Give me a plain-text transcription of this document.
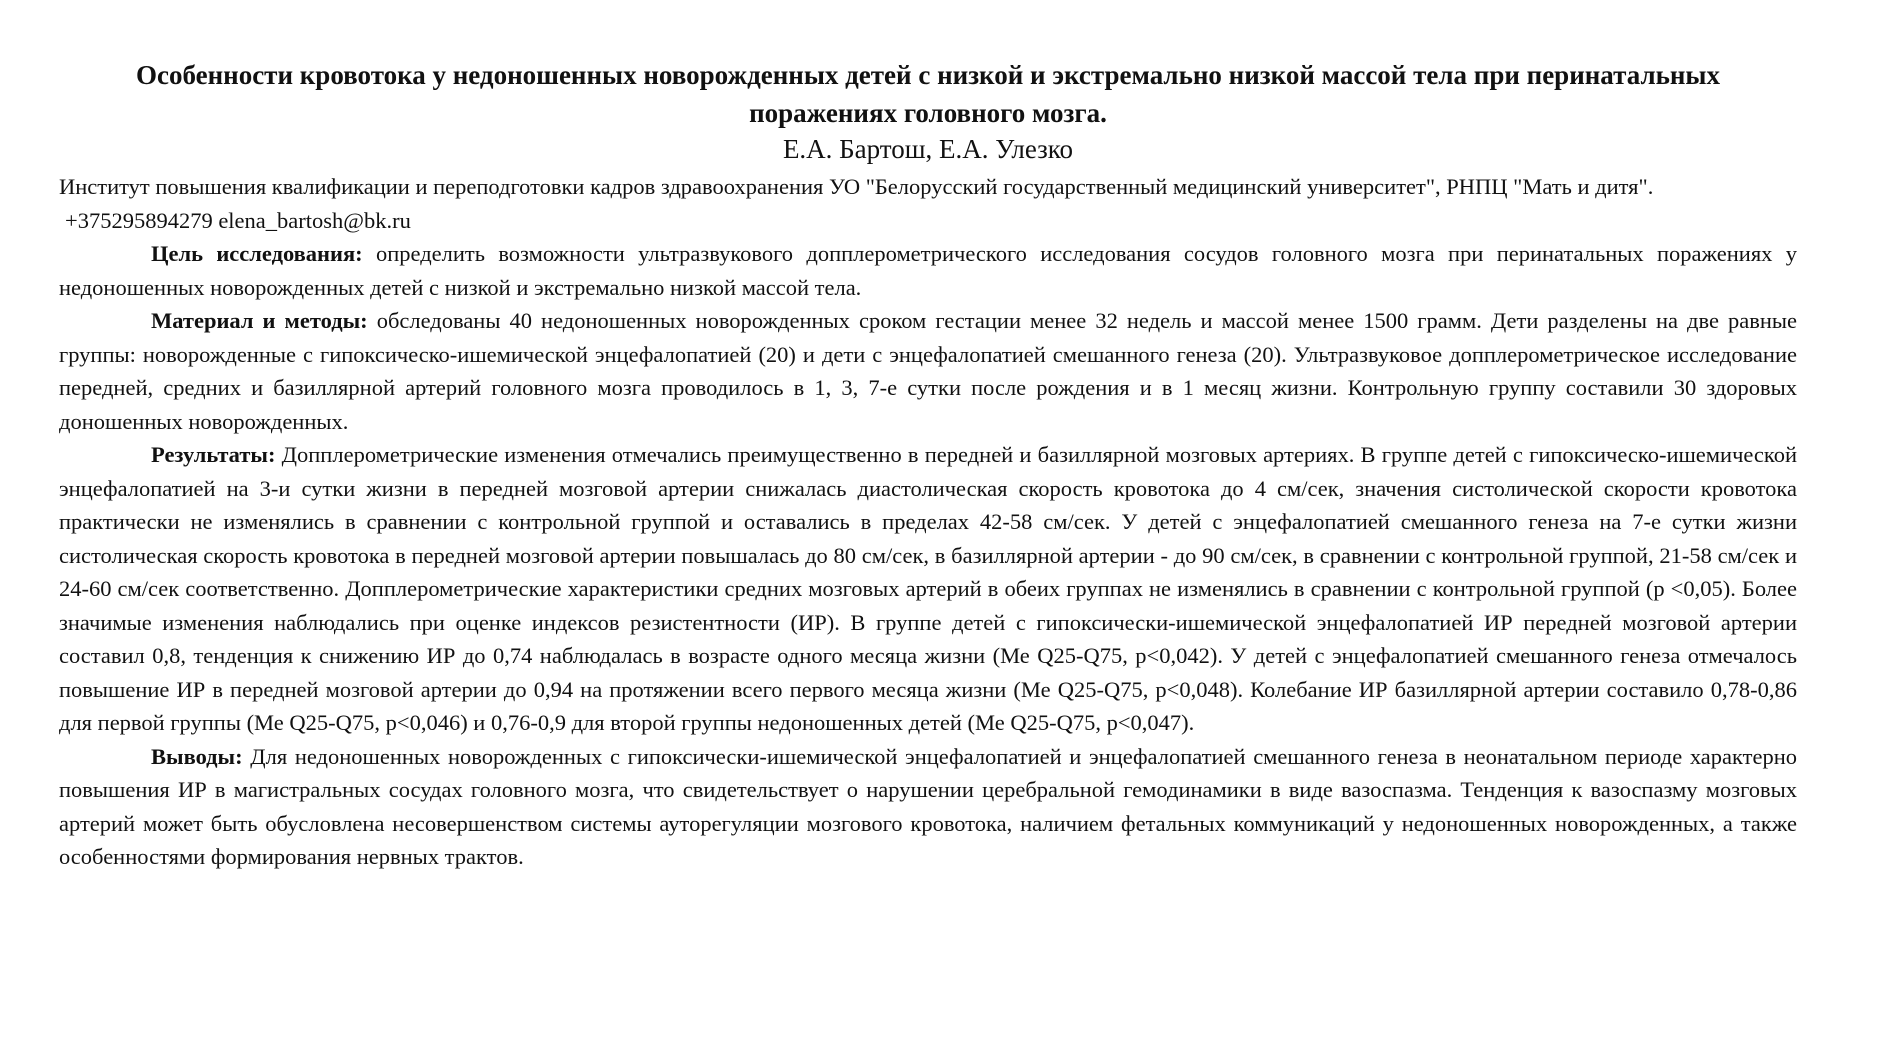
Особенности кровотока у недоношенных новорожденных детей с низкой и экстремально низкой массой тела при перинатальных поражениях головного мозга.

Е.А. Бартош, Е.А. Улезко

Институт повышения квалификации и переподготовки кадров здравоохранения УО "Белорусский государственный медицинский университет", РНПЦ "Мать и дитя".

+375295894279 elena_bartosh@bk.ru

Цель исследования: определить возможности ультразвукового допплерометрического исследования сосудов головного мозга при перинатальных поражениях у недоношенных новорожденных детей с низкой и экстремально низкой массой тела.

Материал и методы: обследованы 40 недоношенных новорожденных сроком гестации менее 32 недель и массой менее 1500 грамм. Дети разделены на две равные группы: новорожденные с гипоксическо-ишемической энцефалопатией (20) и дети с энцефалопатией смешанного генеза (20). Ультразвуковое допплерометрическое исследование передней, средних и базиллярной артерий головного мозга проводилось в 1, 3, 7-е сутки после рождения и в 1 месяц жизни. Контрольную группу составили 30 здоровых доношенных новорожденных.

Результаты: Допплерометрические изменения отмечались преимущественно в передней и базиллярной мозговых артериях. В группе детей с гипоксическо-ишемической энцефалопатией на 3-и сутки жизни в передней мозговой артерии снижалась диастолическая скорость кровотока до 4 см/сек, значения систолической скорости кровотока практически не изменялись в сравнении с контрольной группой и оставались в пределах 42-58 см/сек. У детей с энцефалопатией смешанного генеза на 7-е сутки жизни систолическая скорость кровотока в передней мозговой артерии повышалась до 80 см/сек, в базиллярной артерии - до 90 см/сек, в сравнении с контрольной группой, 21-58 см/сек и 24-60 см/сек соответственно. Допплерометрические характеристики средних мозговых артерий в обеих группах не изменялись в сравнении с контрольной группой (p <0,05). Более значимые изменения наблюдались при оценке индексов резистентности (ИР). В группе детей с гипоксически-ишемической энцефалопатией ИР передней мозговой артерии составил 0,8, тенденция к снижению ИР до 0,74 наблюдалась в возрасте одного месяца жизни (Ме Q25-Q75, p<0,042). У детей с энцефалопатией смешанного генеза отмечалось повышение ИР в передней мозговой артерии до 0,94 на протяжении всего первого месяца жизни (Ме Q25-Q75, p<0,048). Колебание ИР базиллярной артерии составило 0,78-0,86 для первой группы (Ме Q25-Q75, p<0,046) и 0,76-0,9 для второй группы недоношенных детей (Ме Q25-Q75, p<0,047).

Выводы: Для недоношенных новорожденных с гипоксически-ишемической энцефалопатией и энцефалопатией смешанного генеза в неонатальном периоде характерно повышения ИР в магистральных сосудах головного мозга, что свидетельствует о нарушении церебральной гемодинамики в виде вазоспазма. Тенденция к вазоспазму мозговых артерий может быть обусловлена несовершенством системы ауторегуляции мозгового кровотока, наличием фетальных коммуникаций у недоношенных новорожденных, а также особенностями формирования нервных трактов.
